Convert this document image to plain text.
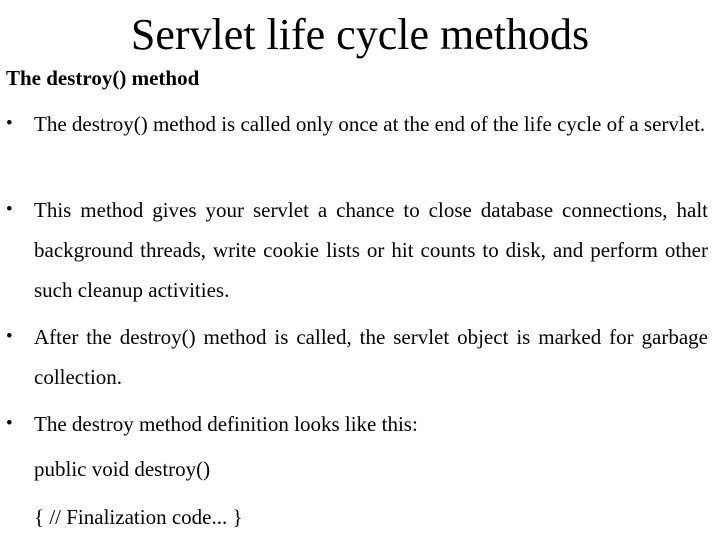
Servlet life cycle methods
The destroy() method
•	The destroy() method is called only once at the end of the life cycle of a servlet.
•	This method gives your servlet a chance to close database connections, halt background threads, write cookie lists or hit counts to disk, and perform other such cleanup activities.
•	After the destroy() method is called, the servlet object is marked for garbage collection.
•	The destroy method definition looks like this:
public void destroy()
{ // Finalization code... }
